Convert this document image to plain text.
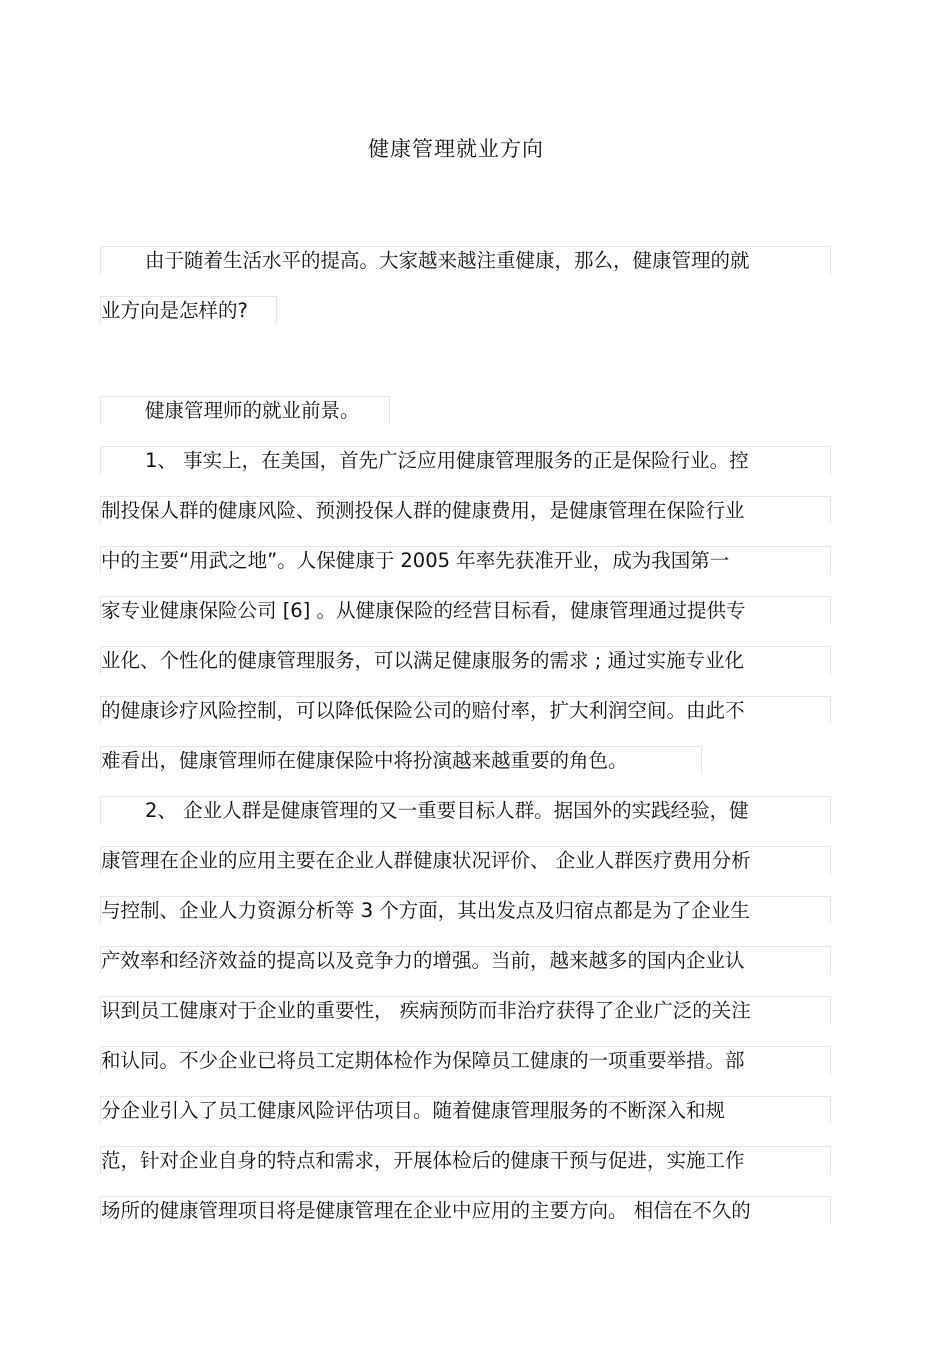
健康管理就业方向
由于随着生活水平的提高。大家越来越注重健康，那么，健康管理的就
业方向是怎样的?
健康管理师的就业前景。
1、 事实上，在美国，首先广泛应用健康管理服务的正是保险行业。控
制投保人群的健康风险、预测投保人群的健康费用，是健康管理在保险行业
中的主要“用武之地”。人保健康于 2005 年率先获准开业，成为我国第一
家专业健康保险公司 [6] 。从健康保险的经营目标看，健康管理通过提供专
业化、个性化的健康管理服务，可以满足健康服务的需求 ; 通过实施专业化
的健康诊疗风险控制，可以降低保险公司的赔付率，扩大利润空间。由此不
难看出，健康管理师在健康保险中将扮演越来越重要的角色。
2、 企业人群是健康管理的又一重要目标人群。据国外的实践经验，健
康管理在企业的应用主要在企业人群健康状况评价、 企业人群医疗费用分析
与控制、企业人力资源分析等 3 个方面，其出发点及归宿点都是为了企业生
产效率和经济效益的提高以及竞争力的增强。当前，越来越多的国内企业认
识到员工健康对于企业的重要性， 疾病预防而非治疗获得了企业广泛的关注
和认同。不少企业已将员工定期体检作为保障员工健康的一项重要举措。部
分企业引入了员工健康风险评估项目。随着健康管理服务的不断深入和规
范，针对企业自身的特点和需求，开展体检后的健康干预与促进，实施工作
场所的健康管理项目将是健康管理在企业中应用的主要方向。 相信在不久的
